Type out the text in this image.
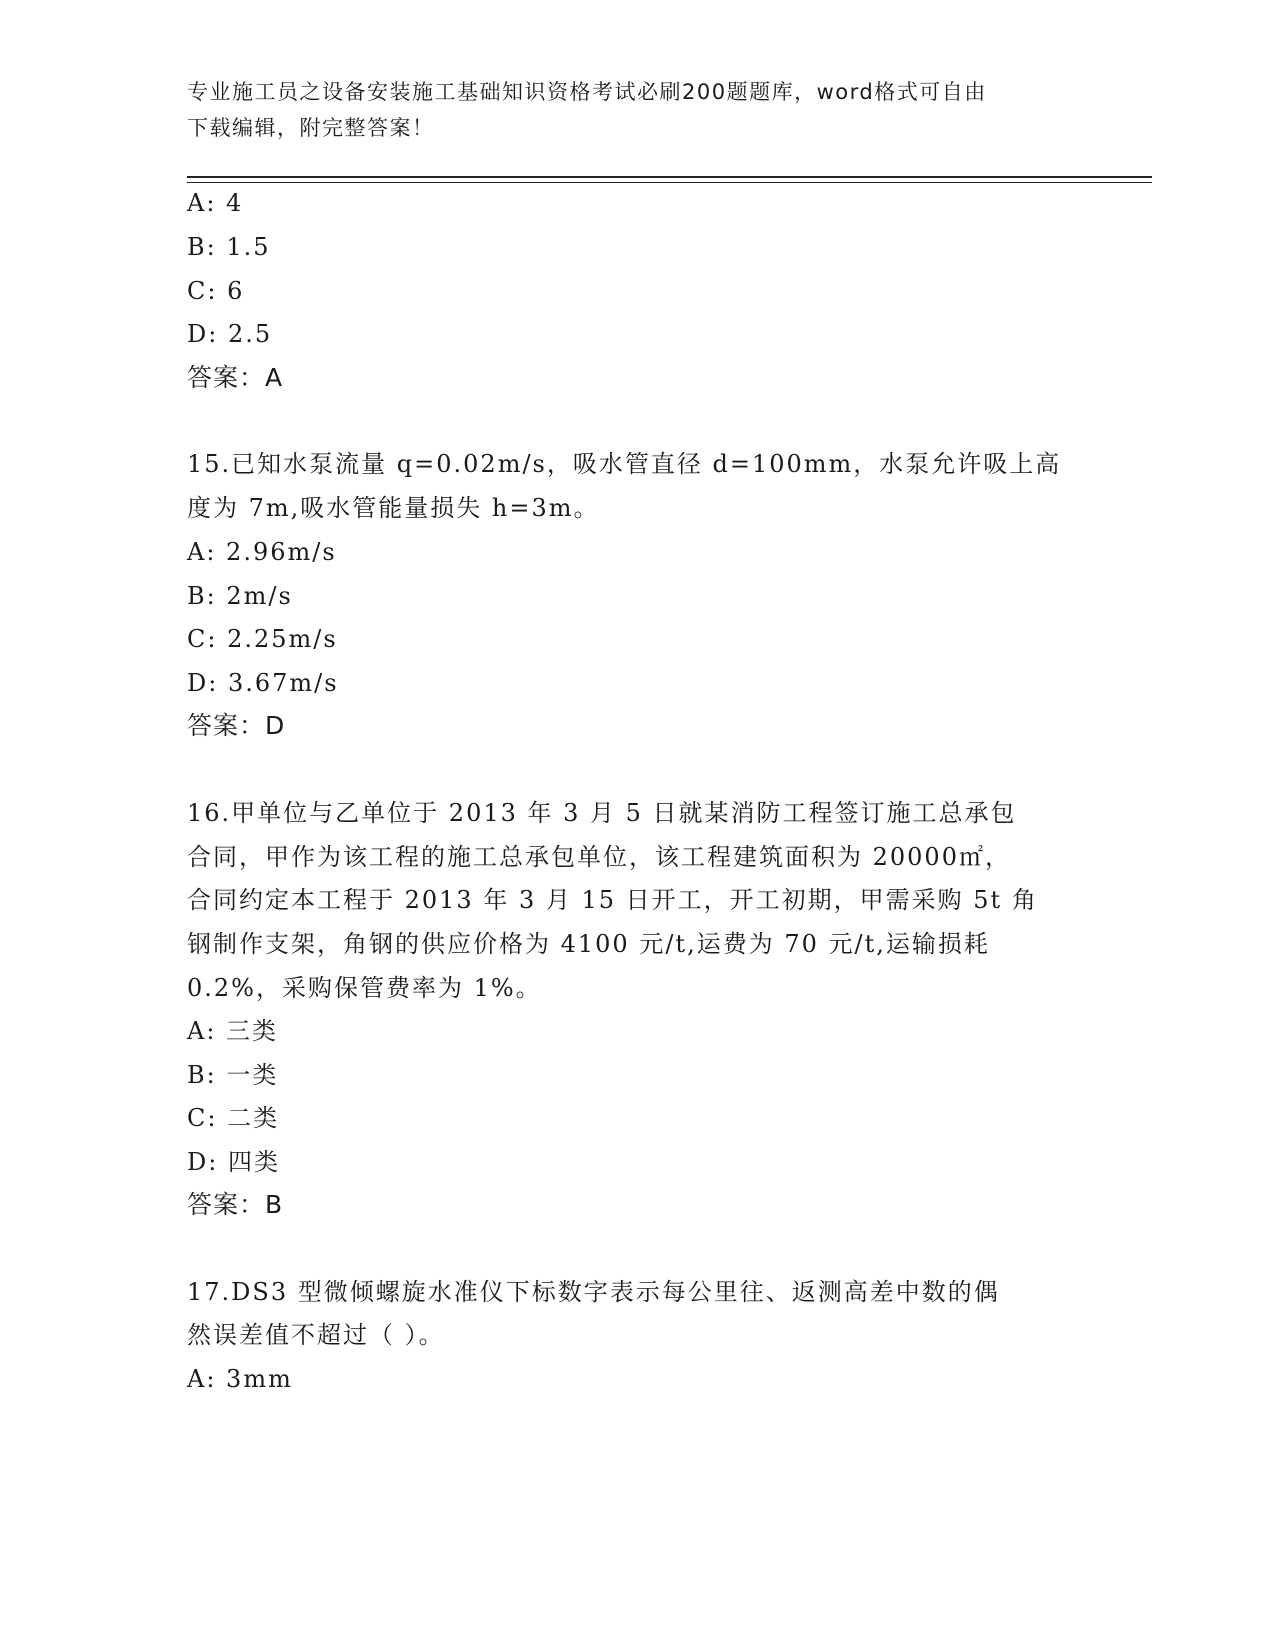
专业施工员之设备安装施工基础知识资格考试必刷200题题库，word格式可自由
下载编辑，附完整答案！
A: 4
B: 1.5
C: 6
D: 2.5
答案：A
15.已知水泵流量 q=0.02m/s，吸水管直径 d=100mm，水泵允许吸上高
度为 7m,吸水管能量损失 h=3m。
A: 2.96m/s
B: 2m/s
C: 2.25m/s
D: 3.67m/s
答案：D
16.甲单位与乙单位于 2013 年 3 月 5 日就某消防工程签订施工总承包
合同，甲作为该工程的施工总承包单位，该工程建筑面积为 20000㎡，
合同约定本工程于 2013 年 3 月 15 日开工，开工初期，甲需采购 5t 角
钢制作支架，角钢的供应价格为 4100 元/t,运费为 70 元/t,运输损耗
0.2%，采购保管费率为 1%。
A: 三类
B: 一类
C: 二类
D: 四类
答案：B
17.DS3 型微倾螺旋水准仪下标数字表示每公里往、返测高差中数的偶
然误差值不超过（ ）。
A: 3mm
